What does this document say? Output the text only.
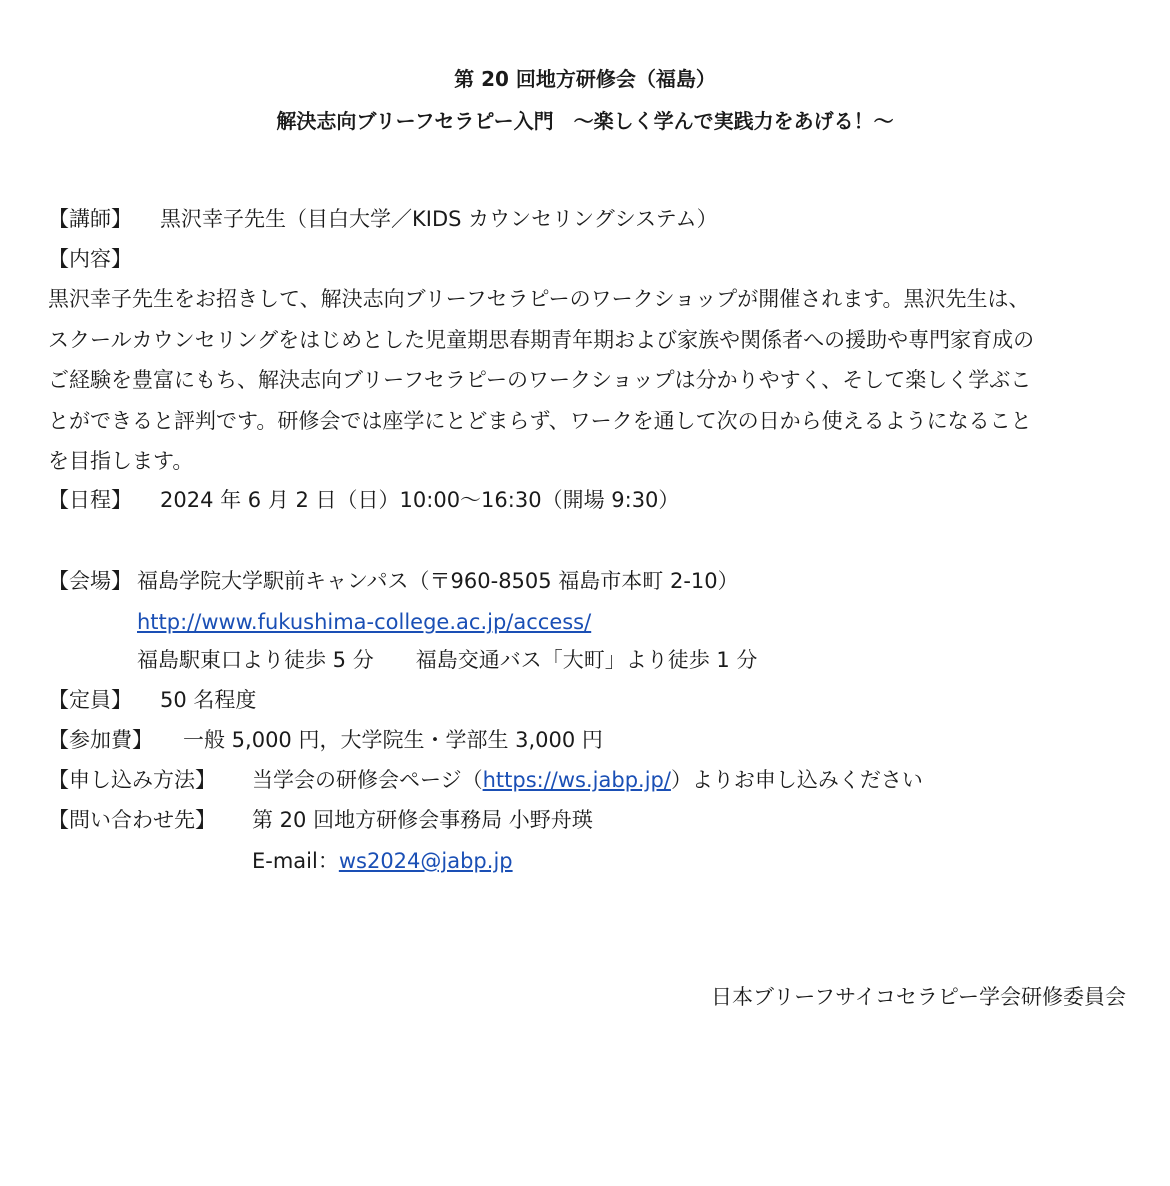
第 20 回地方研修会（福島）
解決志向ブリーフセラピー入門　～楽しく学んで実践力をあげる！～
【講師】 黒沢幸子先生（目白大学／KIDS カウンセリングシステム）
【内容】
黒沢幸子先生をお招きして、解決志向ブリーフセラピーのワークショップが開催されます。黒沢先生は、
スクールカウンセリングをはじめとした児童期思春期青年期および家族や関係者への援助や専門家育成の
ご経験を豊富にもち、解決志向ブリーフセラピーのワークショップは分かりやすく、そして楽しく学ぶこ
とができると評判です。研修会では座学にとどまらず、ワークを通して次の日から使えるようになること
を目指します。
【日程】 2024 年 6 月 2 日（日）10:00～16:30（開場 9:30）
【会場】 福島学院大学駅前キャンパス（〒960-8505 福島市本町 2-10）
http://www.fukushima-college.ac.jp/access/
福島駅東口より徒歩 5 分　　福島交通バス「大町」より徒歩 1 分
【定員】 50 名程度
【参加費】 一般 5,000 円，大学院生・学部生 3,000 円
【申し込み方法】 当学会の研修会ページ（https://ws.jabp.jp/）よりお申し込みください
【問い合わせ先】 第 20 回地方研修会事務局 小野舟瑛
E-mail：ws2024@jabp.jp
日本ブリーフサイコセラピー学会研修委員会
